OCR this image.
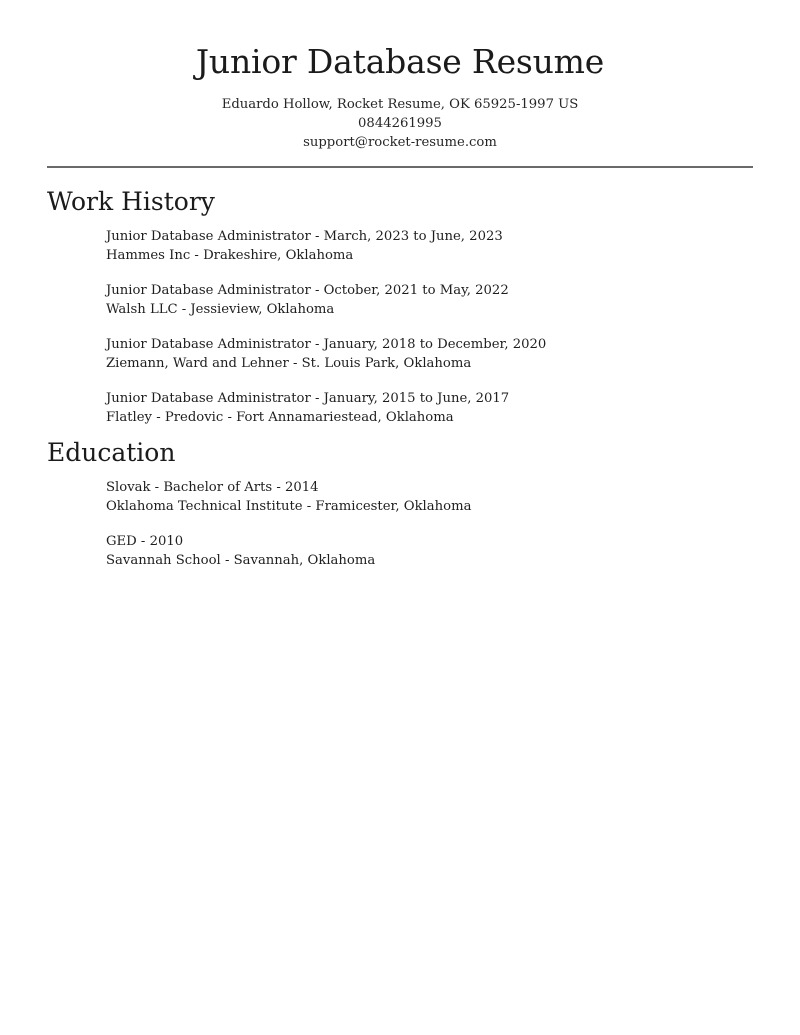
Junior Database Resume
Eduardo Hollow, Rocket Resume, OK 65925-1997 US
0844261995
support@rocket-resume.com
Work History
Junior Database Administrator - March, 2023 to June, 2023
Hammes Inc - Drakeshire, Oklahoma
Junior Database Administrator - October, 2021 to May, 2022
Walsh LLC - Jessieview, Oklahoma
Junior Database Administrator - January, 2018 to December, 2020
Ziemann, Ward and Lehner - St. Louis Park, Oklahoma
Junior Database Administrator - January, 2015 to June, 2017
Flatley - Predovic - Fort Annamariestead, Oklahoma
Education
Slovak - Bachelor of Arts - 2014
Oklahoma Technical Institute - Framicester, Oklahoma
GED - 2010
Savannah School - Savannah, Oklahoma
